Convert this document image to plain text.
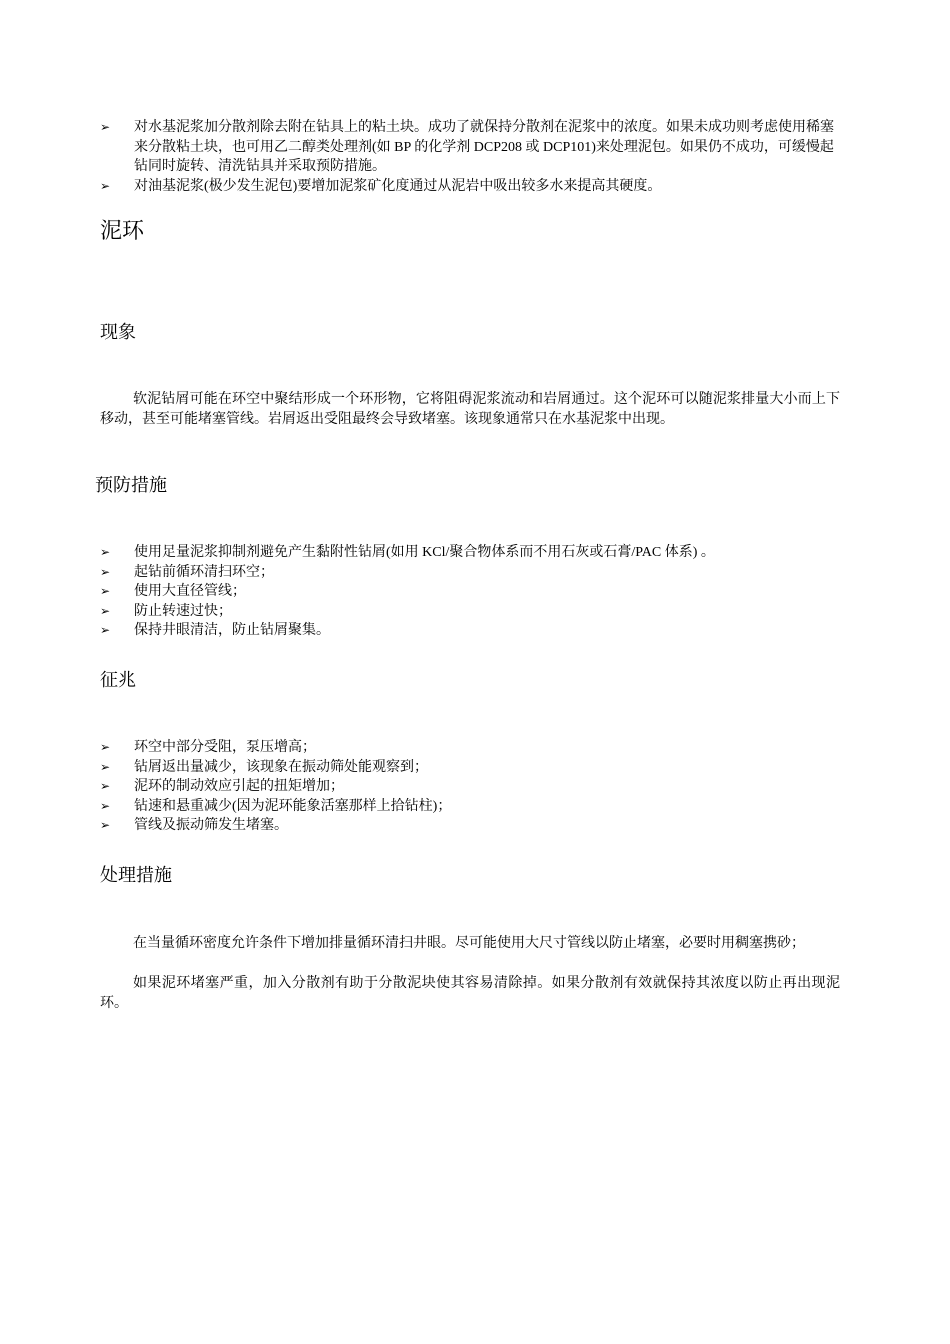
➢	对水基泥浆加分散剂除去附在钻具上的粘土块。成功了就保持分散剂在泥浆中的浓度。如果未成功则考虑使用稀塞来分散粘土块，也可用乙二醇类处理剂(如 BP 的化学剂 DCP208 或 DCP101)来处理泥包。如果仍不成功，可缓慢起钻同时旋转、清洗钻具并采取预防措施。
➢	对油基泥浆(极少发生泥包)要增加泥浆矿化度通过从泥岩中吸出较多水来提高其硬度。
泥环
现象

软泥钻屑可能在环空中聚结形成一个环形物，它将阻碍泥浆流动和岩屑通过。这个泥环可以随泥浆排量大小而上下移动，甚至可能堵塞管线。岩屑返出受阻最终会导致堵塞。该现象通常只在水基泥浆中出现。

预防措施
➢	使用足量泥浆抑制剂避免产生黏附性钻屑(如用 KCl/聚合物体系而不用石灰或石膏/PAC 体系) 。
➢	起钻前循环清扫环空；
➢	使用大直径管线；
➢	防止转速过快；
➢	保持井眼清洁，防止钻屑聚集。
征兆
➢	环空中部分受阻，泵压增高；
➢	钻屑返出量减少，该现象在振动筛处能观察到；
➢	泥环的制动效应引起的扭矩增加；
➢	钻速和悬重减少(因为泥环能象活塞那样上拾钻柱)；
➢	管线及振动筛发生堵塞。
处理措施

在当量循环密度允许条件下增加排量循环清扫井眼。尽可能使用大尺寸管线以防止堵塞，必要时用稠塞携砂；

如果泥环堵塞严重，加入分散剂有助于分散泥块使其容易清除掉。如果分散剂有效就保持其浓度以防止再出现泥环。
